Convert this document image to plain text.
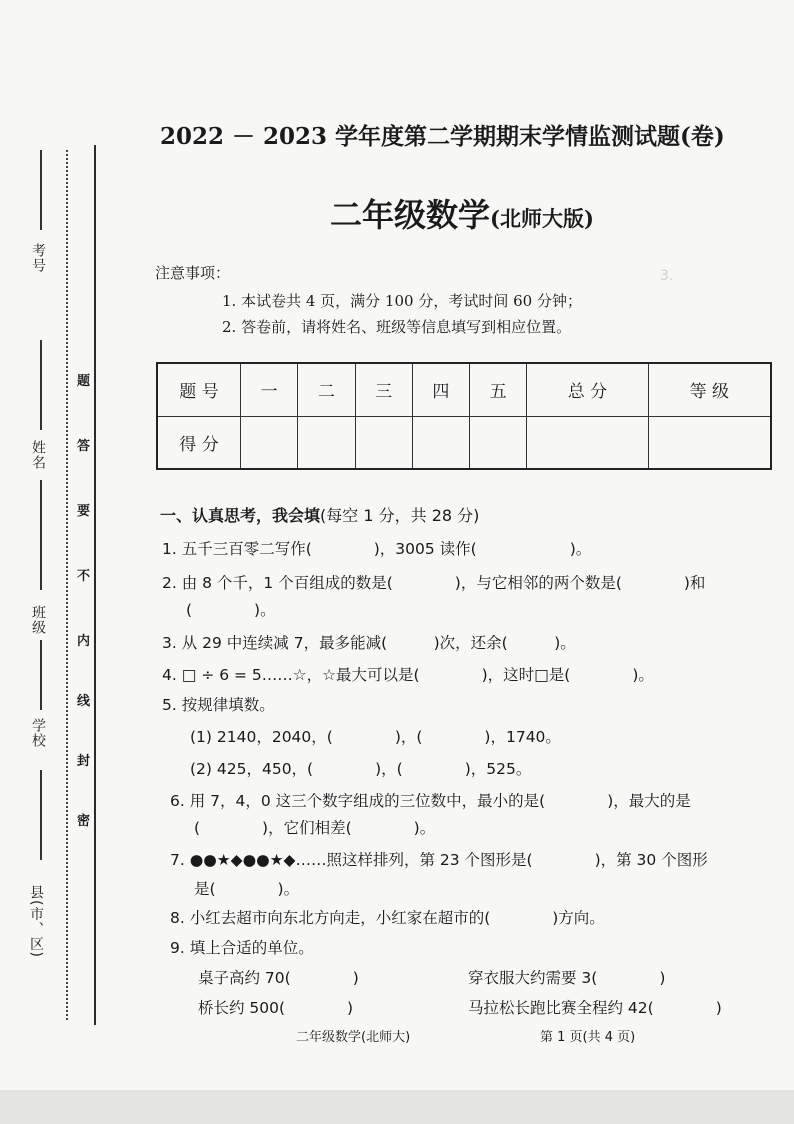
3.
考号
姓名
班级
学校
县(市、区)
题
答
要
不
内
线
封
密
2022 － 2023 学年度第二学期期末学情监测试题(卷)
二年级数学(北师大版)
注意事项：
1. 本试卷共 4 页，满分 100 分，考试时间 60 分钟；
2. 答卷前，请将姓名、班级等信息填写到相应位置。
题 号	一	二	三	四	五	总 分	等 级
得 分							
一、认真思考，我会填(每空 1 分，共 28 分)
1. 五千三百零二写作(　　　　)，3005 读作(　　　　　　)。
2. 由 8 个千，1 个百组成的数是(　　　　)，与它相邻的两个数是(　　　　)和
(　　　　)。
3. 从 29 中连续减 7，最多能减(　　　)次，还余(　　　)。
4. □ ÷ 6 = 5……☆，☆最大可以是(　　　　)，这时□是(　　　　)。
5. 按规律填数。
(1) 2140，2040，(　　　　)，(　　　　)，1740。
(2) 425，450，(　　　　)，(　　　　)，525。
6. 用 7，4，0 这三个数字组成的三位数中，最小的是(　　　　)，最大的是
(　　　　)，它们相差(　　　　)。
7. ●●★◆●●★◆……照这样排列，第 23 个图形是(　　　　)，第 30 个图形
是(　　　　)。
8. 小红去超市向东北方向走，小红家在超市的(　　　　)方向。
9. 填上合适的单位。
桌子高约 70(　　　　)	穿衣服大约需要 3(　　　　)
桥长约 500(　　　　)	马拉松长跑比赛全程约 42(　　　　)
二年级数学(北师大)	第 1 页(共 4 页)
